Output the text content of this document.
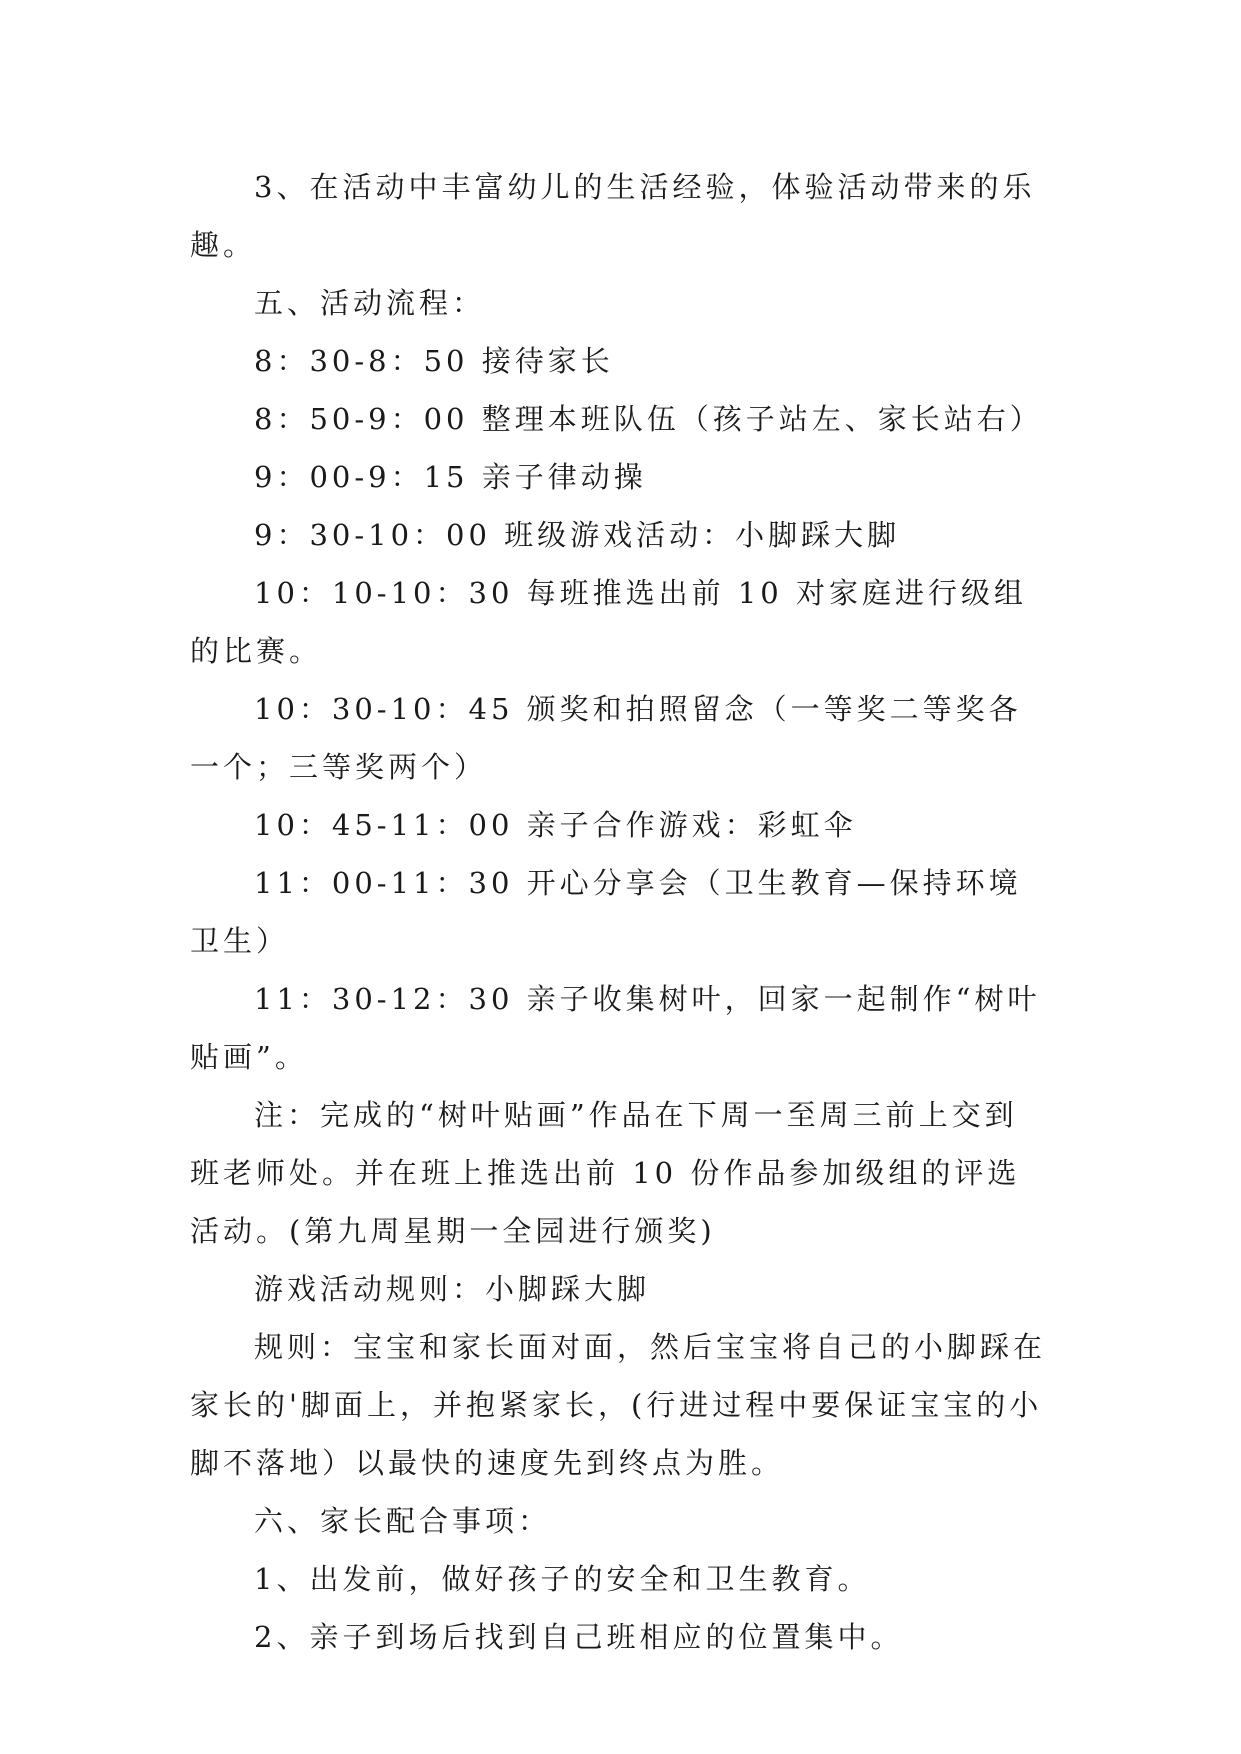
3、在活动中丰富幼儿的生活经验，体验活动带来的乐趣。

五、活动流程：

8：30-8：50 接待家长

8：50-9：00 整理本班队伍（孩子站左、家长站右）

9：00-9：15 亲子律动操

9：30-10：00 班级游戏活动：小脚踩大脚

10：10-10：30 每班推选出前 10 对家庭进行级组的比赛。

10：30-10：45 颁奖和拍照留念（一等奖二等奖各一个；三等奖两个）

10：45-11：00 亲子合作游戏：彩虹伞

11：00-11：30 开心分享会（卫生教育—保持环境卫生）

11：30-12：30 亲子收集树叶，回家一起制作“树叶贴画”。

注：完成的“树叶贴画”作品在下周一至周三前上交到班老师处。并在班上推选出前 10 份作品参加级组的评选活动。(第九周星期一全园进行颁奖)

游戏活动规则：小脚踩大脚

规则：宝宝和家长面对面，然后宝宝将自己的小脚踩在家长的'脚面上，并抱紧家长，(行进过程中要保证宝宝的小脚不落地）以最快的速度先到终点为胜。

六、家长配合事项：

1、出发前，做好孩子的安全和卫生教育。

2、亲子到场后找到自己班相应的位置集中。
